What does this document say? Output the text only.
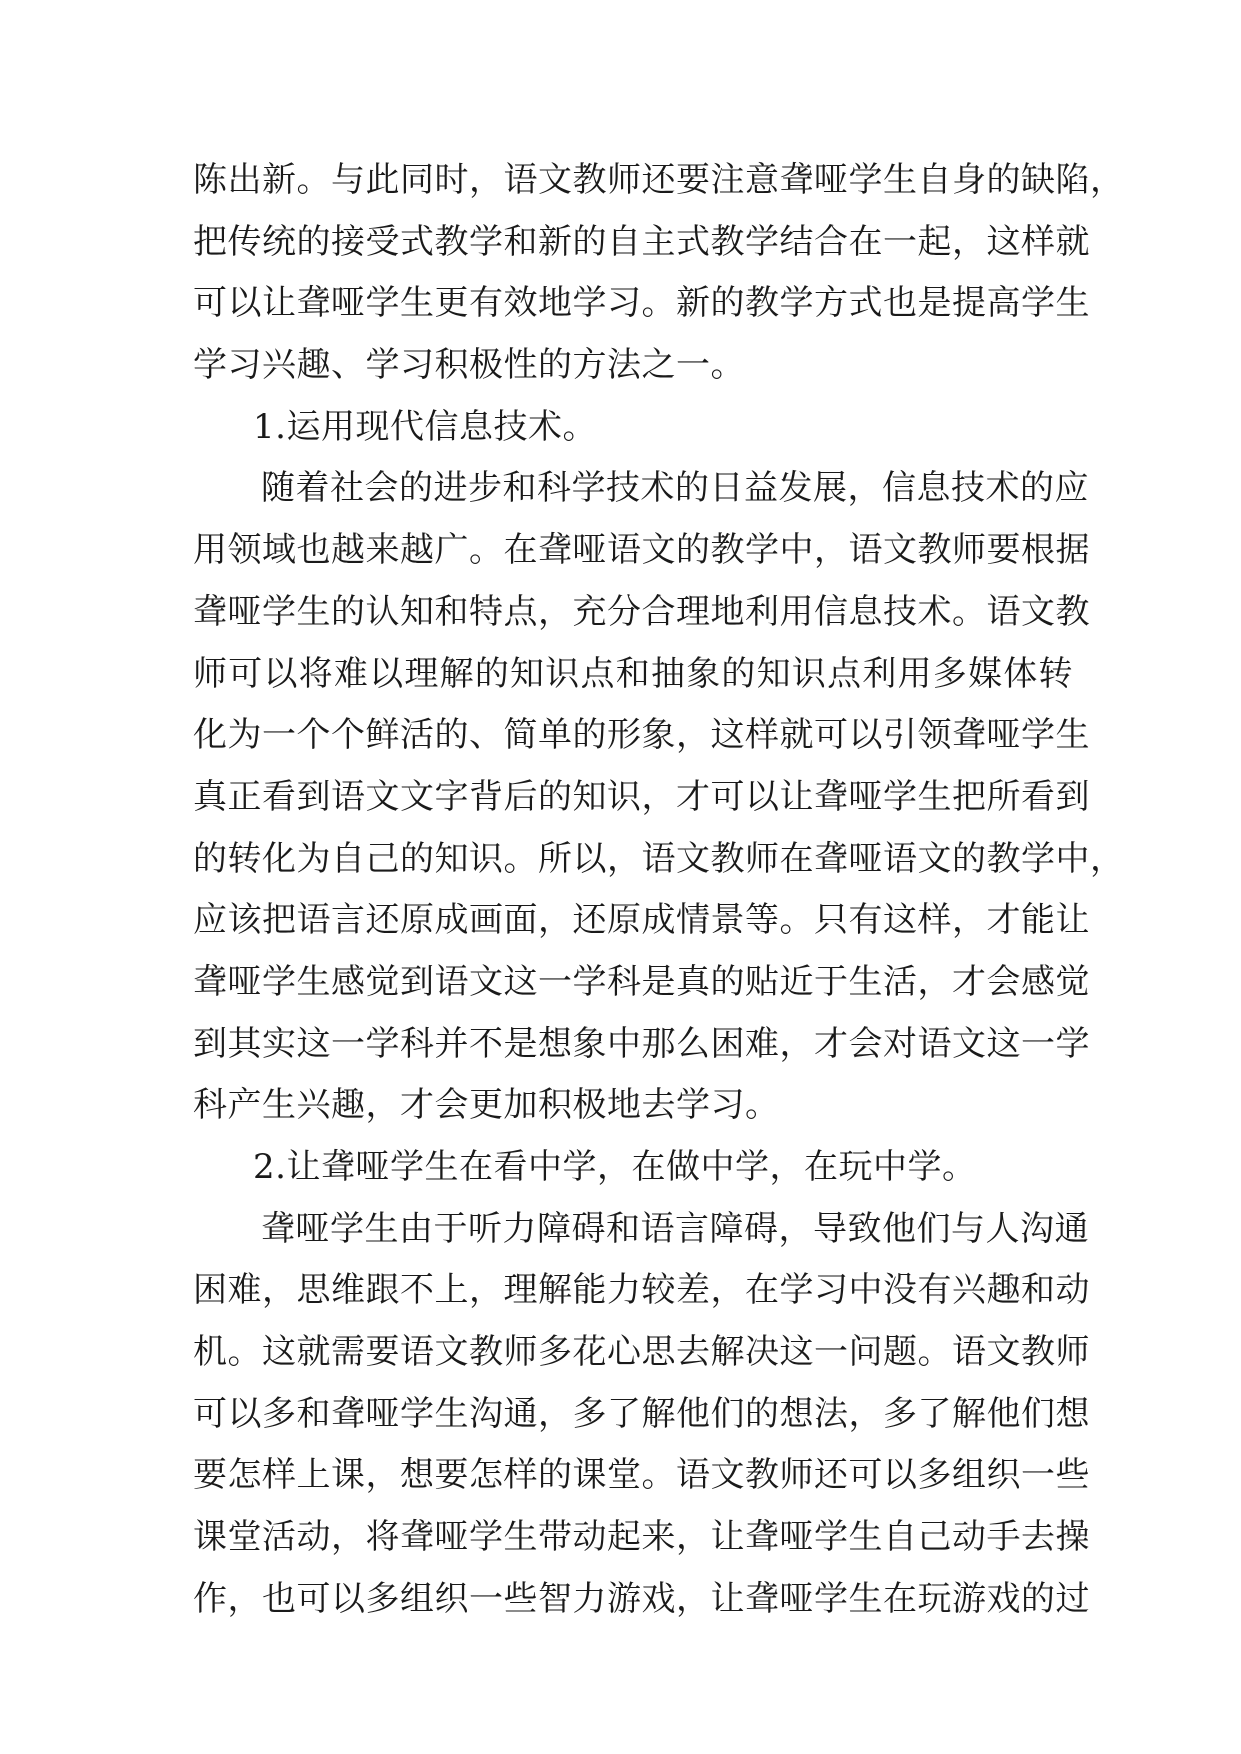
陈出新。与此同时，语文教师还要注意聋哑学生自身的缺陷，
把传统的接受式教学和新的自主式教学结合在一起，这样就
可以让聋哑学生更有效地学习。新的教学方式也是提高学生
学习兴趣、学习积极性的方法之一。
1.运用现代信息技术。
随着社会的进步和科学技术的日益发展，信息技术的应
用领域也越来越广。在聋哑语文的教学中，语文教师要根据
聋哑学生的认知和特点，充分合理地利用信息技术。语文教
师可以将难以理解的知识点和抽象的知识点利用多媒体转
化为一个个鲜活的、简单的形象，这样就可以引领聋哑学生
真正看到语文文字背后的知识，才可以让聋哑学生把所看到
的转化为自己的知识。所以，语文教师在聋哑语文的教学中，
应该把语言还原成画面，还原成情景等。只有这样，才能让
聋哑学生感觉到语文这一学科是真的贴近于生活，才会感觉
到其实这一学科并不是想象中那么困难，才会对语文这一学
科产生兴趣，才会更加积极地去学习。
2.让聋哑学生在看中学，在做中学，在玩中学。
聋哑学生由于听力障碍和语言障碍，导致他们与人沟通
困难，思维跟不上，理解能力较差，在学习中没有兴趣和动
机。这就需要语文教师多花心思去解决这一问题。语文教师
可以多和聋哑学生沟通，多了解他们的想法，多了解他们想
要怎样上课，想要怎样的课堂。语文教师还可以多组织一些
课堂活动，将聋哑学生带动起来，让聋哑学生自己动手去操
作，也可以多组织一些智力游戏，让聋哑学生在玩游戏的过
